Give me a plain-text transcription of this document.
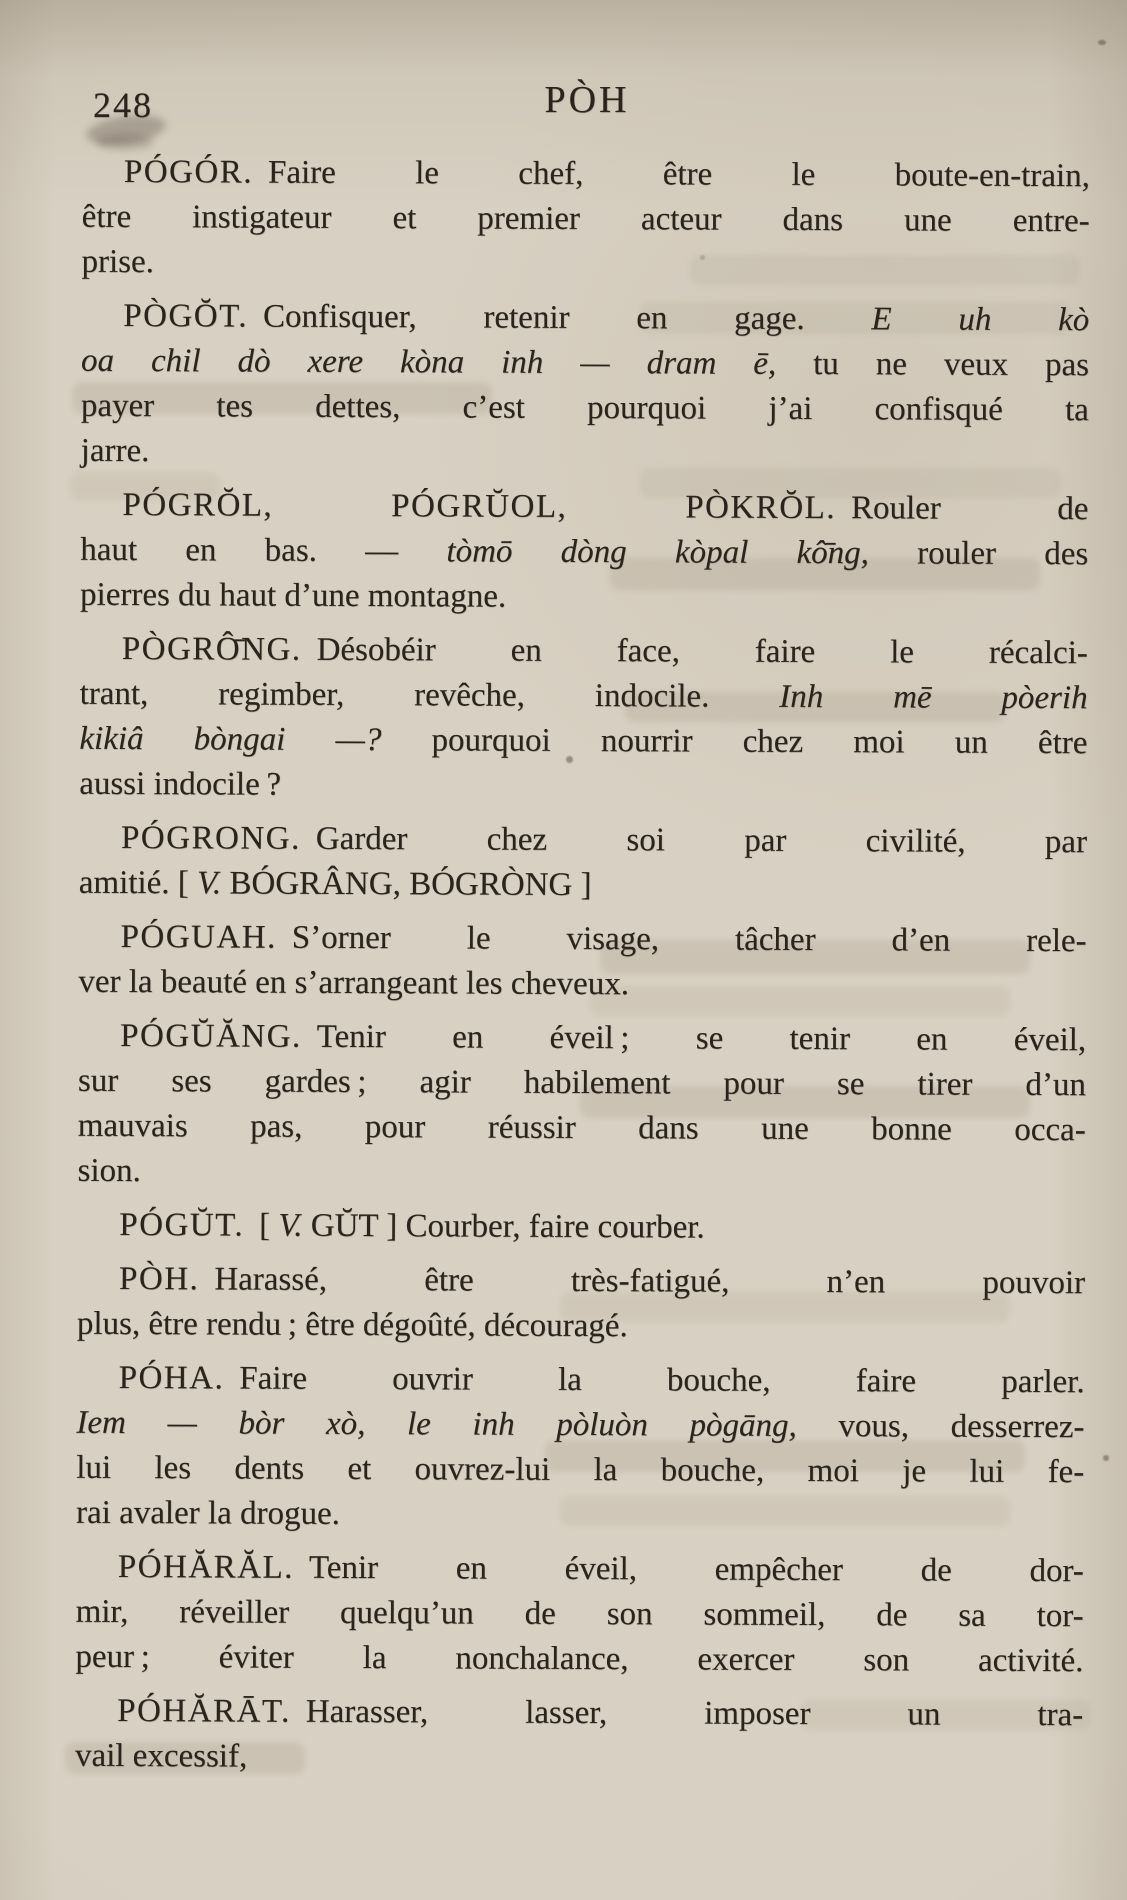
248	PÒH
PÓGÓR. Faire le chef, être le boute-en-train,
être instigateur et premier acteur dans une entre-
prise.
PÒGŎT. Confisquer, retenir en gage. E uh kò
oa chil dò xere kòna inh — dram ē, tu ne veux pas
payer tes dettes, c’est pourquoi j’ai confisqué ta
jarre.
PÓGRŎL, PÓGRŬOL, PÒKRŎL. Rouler de
haut en bas. — tòmō dòng kòpal kô̄ng, rouler des
pierres du haut d’une montagne.
PÒGRÔ̄NG. Désobéir en face, faire le récalci-
trant, regimber, revêche, indocile. Inh mē pòerih
kikiâ bòngai —? pourquoi nourrir chez moi un être
aussi indocile ?
PÓGRONG. Garder chez soi par civilité, par
amitié. [ V. BÓGRÂNG, BÓGRÒNG ]
PÓGUAH. S’orner le visage, tâcher d’en rele-
ver la beauté en s’arrangeant les cheveux.
PÓGŬĂNG. Tenir en éveil ; se tenir en éveil,
sur ses gardes ; agir habilement pour se tirer d’un
mauvais pas, pour réussir dans une bonne occa-
sion.
PÓGŬT. [ V. GŬT ] Courber, faire courber.
PÒH. Harassé, être très-fatigué, n’en pouvoir
plus, être rendu ; être dégoûté, découragé.
PÓHA. Faire ouvrir la bouche, faire parler.
Iem — bòr xò, le inh pòluòn pògāng, vous, desserrez-
lui les dents et ouvrez-lui la bouche, moi je lui fe-
rai avaler la drogue.
PÓHĂRĂL. Tenir en éveil, empêcher de dor-
mir, réveiller quelqu’un de son sommeil, de sa tor-
peur ; éviter la nonchalance, exercer son activité.
PÓHĂRĀT. Harasser, lasser, imposer un tra-
vail excessif,
